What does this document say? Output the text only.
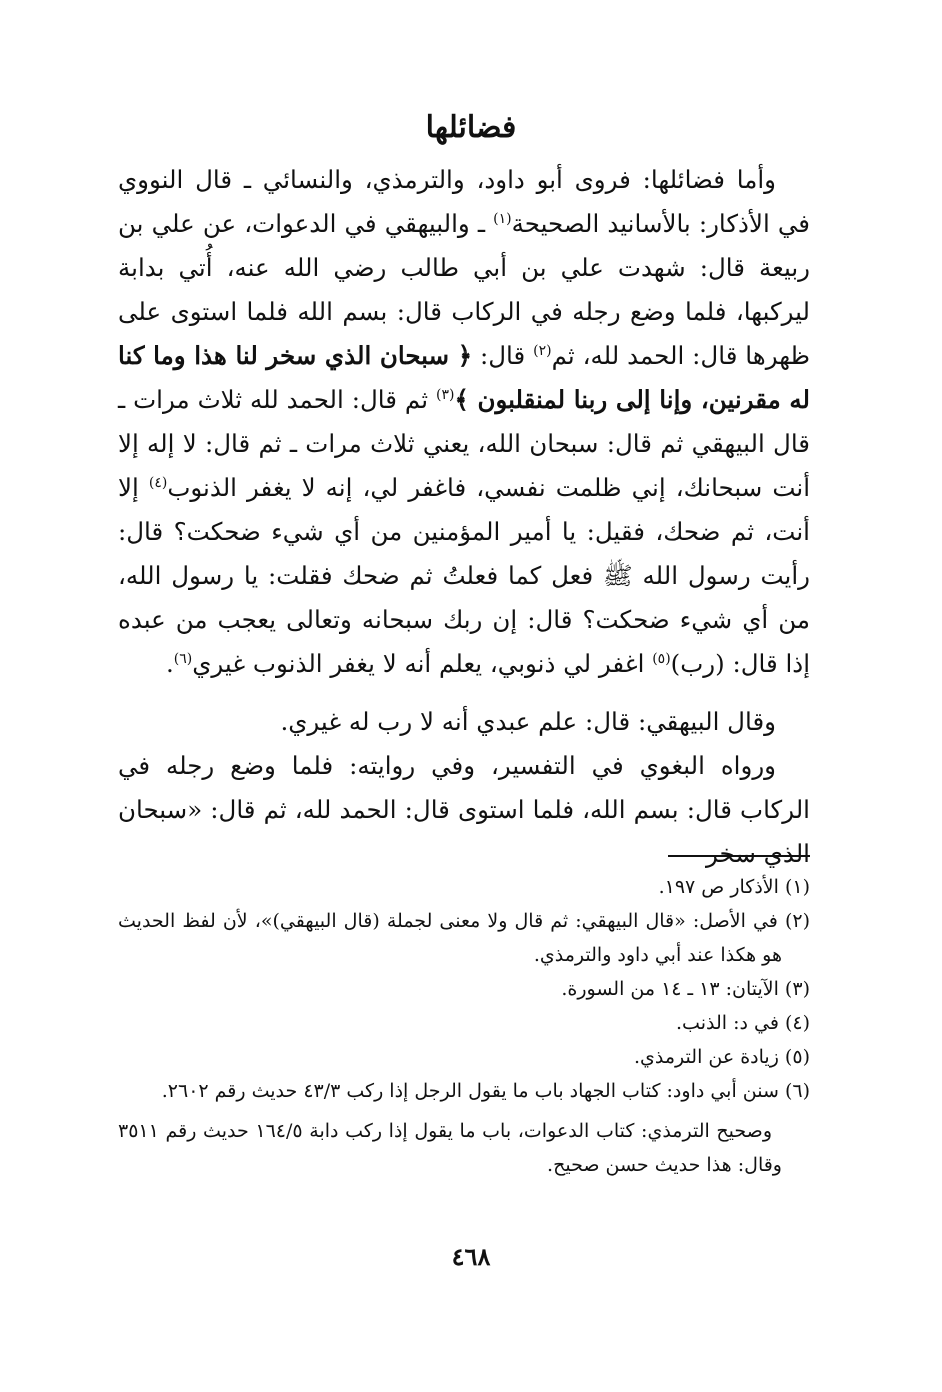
فضائلها

وأما فضائلها: فروى أبو داود، والترمذي، والنسائي ـ قال النووي في الأذكار: بالأسانيد الصحيحة$^{(١)}$ ـ والبيهقي في الدعوات، عن علي بن ربيعة قال: شهدت علي بن أبي طالب رضي الله عنه، أُتي بدابة ليركبها، فلما وضع رجله في الركاب قال: بسم الله فلما استوى على ظهرها قال: الحمد لله، ثم$^{(٢)}$ قال: ﴿ سبحان الذي سخر لنا هذا وما كنا له مقرنين، وإنا إلى ربنا لمنقلبون ﴾$^{(٣)}$ ثم قال: الحمد لله ثلاث مرات ـ قال البيهقي ثم قال: سبحان الله، يعني ثلاث مرات ـ ثم قال: لا إله إلا أنت سبحانك، إني ظلمت نفسي، فاغفر لي، إنه لا يغفر الذنوب$^{(٤)}$ إلا أنت، ثم ضحك، فقيل: يا أمير المؤمنين من أي شيء ضحكت؟ قال: رأيت رسول الله ﷺ فعل كما فعلتُ ثم ضحك فقلت: يا رسول الله، من أي شيء ضحكت؟ قال: إن ربك سبحانه وتعالى يعجب من عبده إذا قال: (رب)$^{(٥)}$ اغفر لي ذنوبي، يعلم أنه لا يغفر الذنوب غيري$^{(٦)}$.

وقال البيهقي: قال: علم عبدي أنه لا رب له غيري.

ورواه البغوي في التفسير، وفي روايته: فلما وضع رجله في الركاب قال: بسم الله، فلما استوى قال: الحمد لله، ثم قال: «سبحان الذي سخر

(١) الأذكار ص ١٩٧.

(٢) في الأصل: «قال البيهقي: ثم قال ولا معنى لجملة (قال البيهقي)»، لأن لفظ الحديث هو هكذا عند أبي داود والترمذي.

(٣) الآيتان: ١٣ ـ ١٤ من السورة.

(٤) في د: الذنب.

(٥) زيادة عن الترمذي.

(٦) سنن أبي داود: كتاب الجهاد باب ما يقول الرجل إذا ركب ٤٣/٣ حديث رقم ٢٦٠٢.

وصحيح الترمذي: كتاب الدعوات، باب ما يقول إذا ركب دابة ١٦٤/٥ حديث رقم ٣٥١١ وقال: هذا حديث حسن صحيح.

٤٦٨
